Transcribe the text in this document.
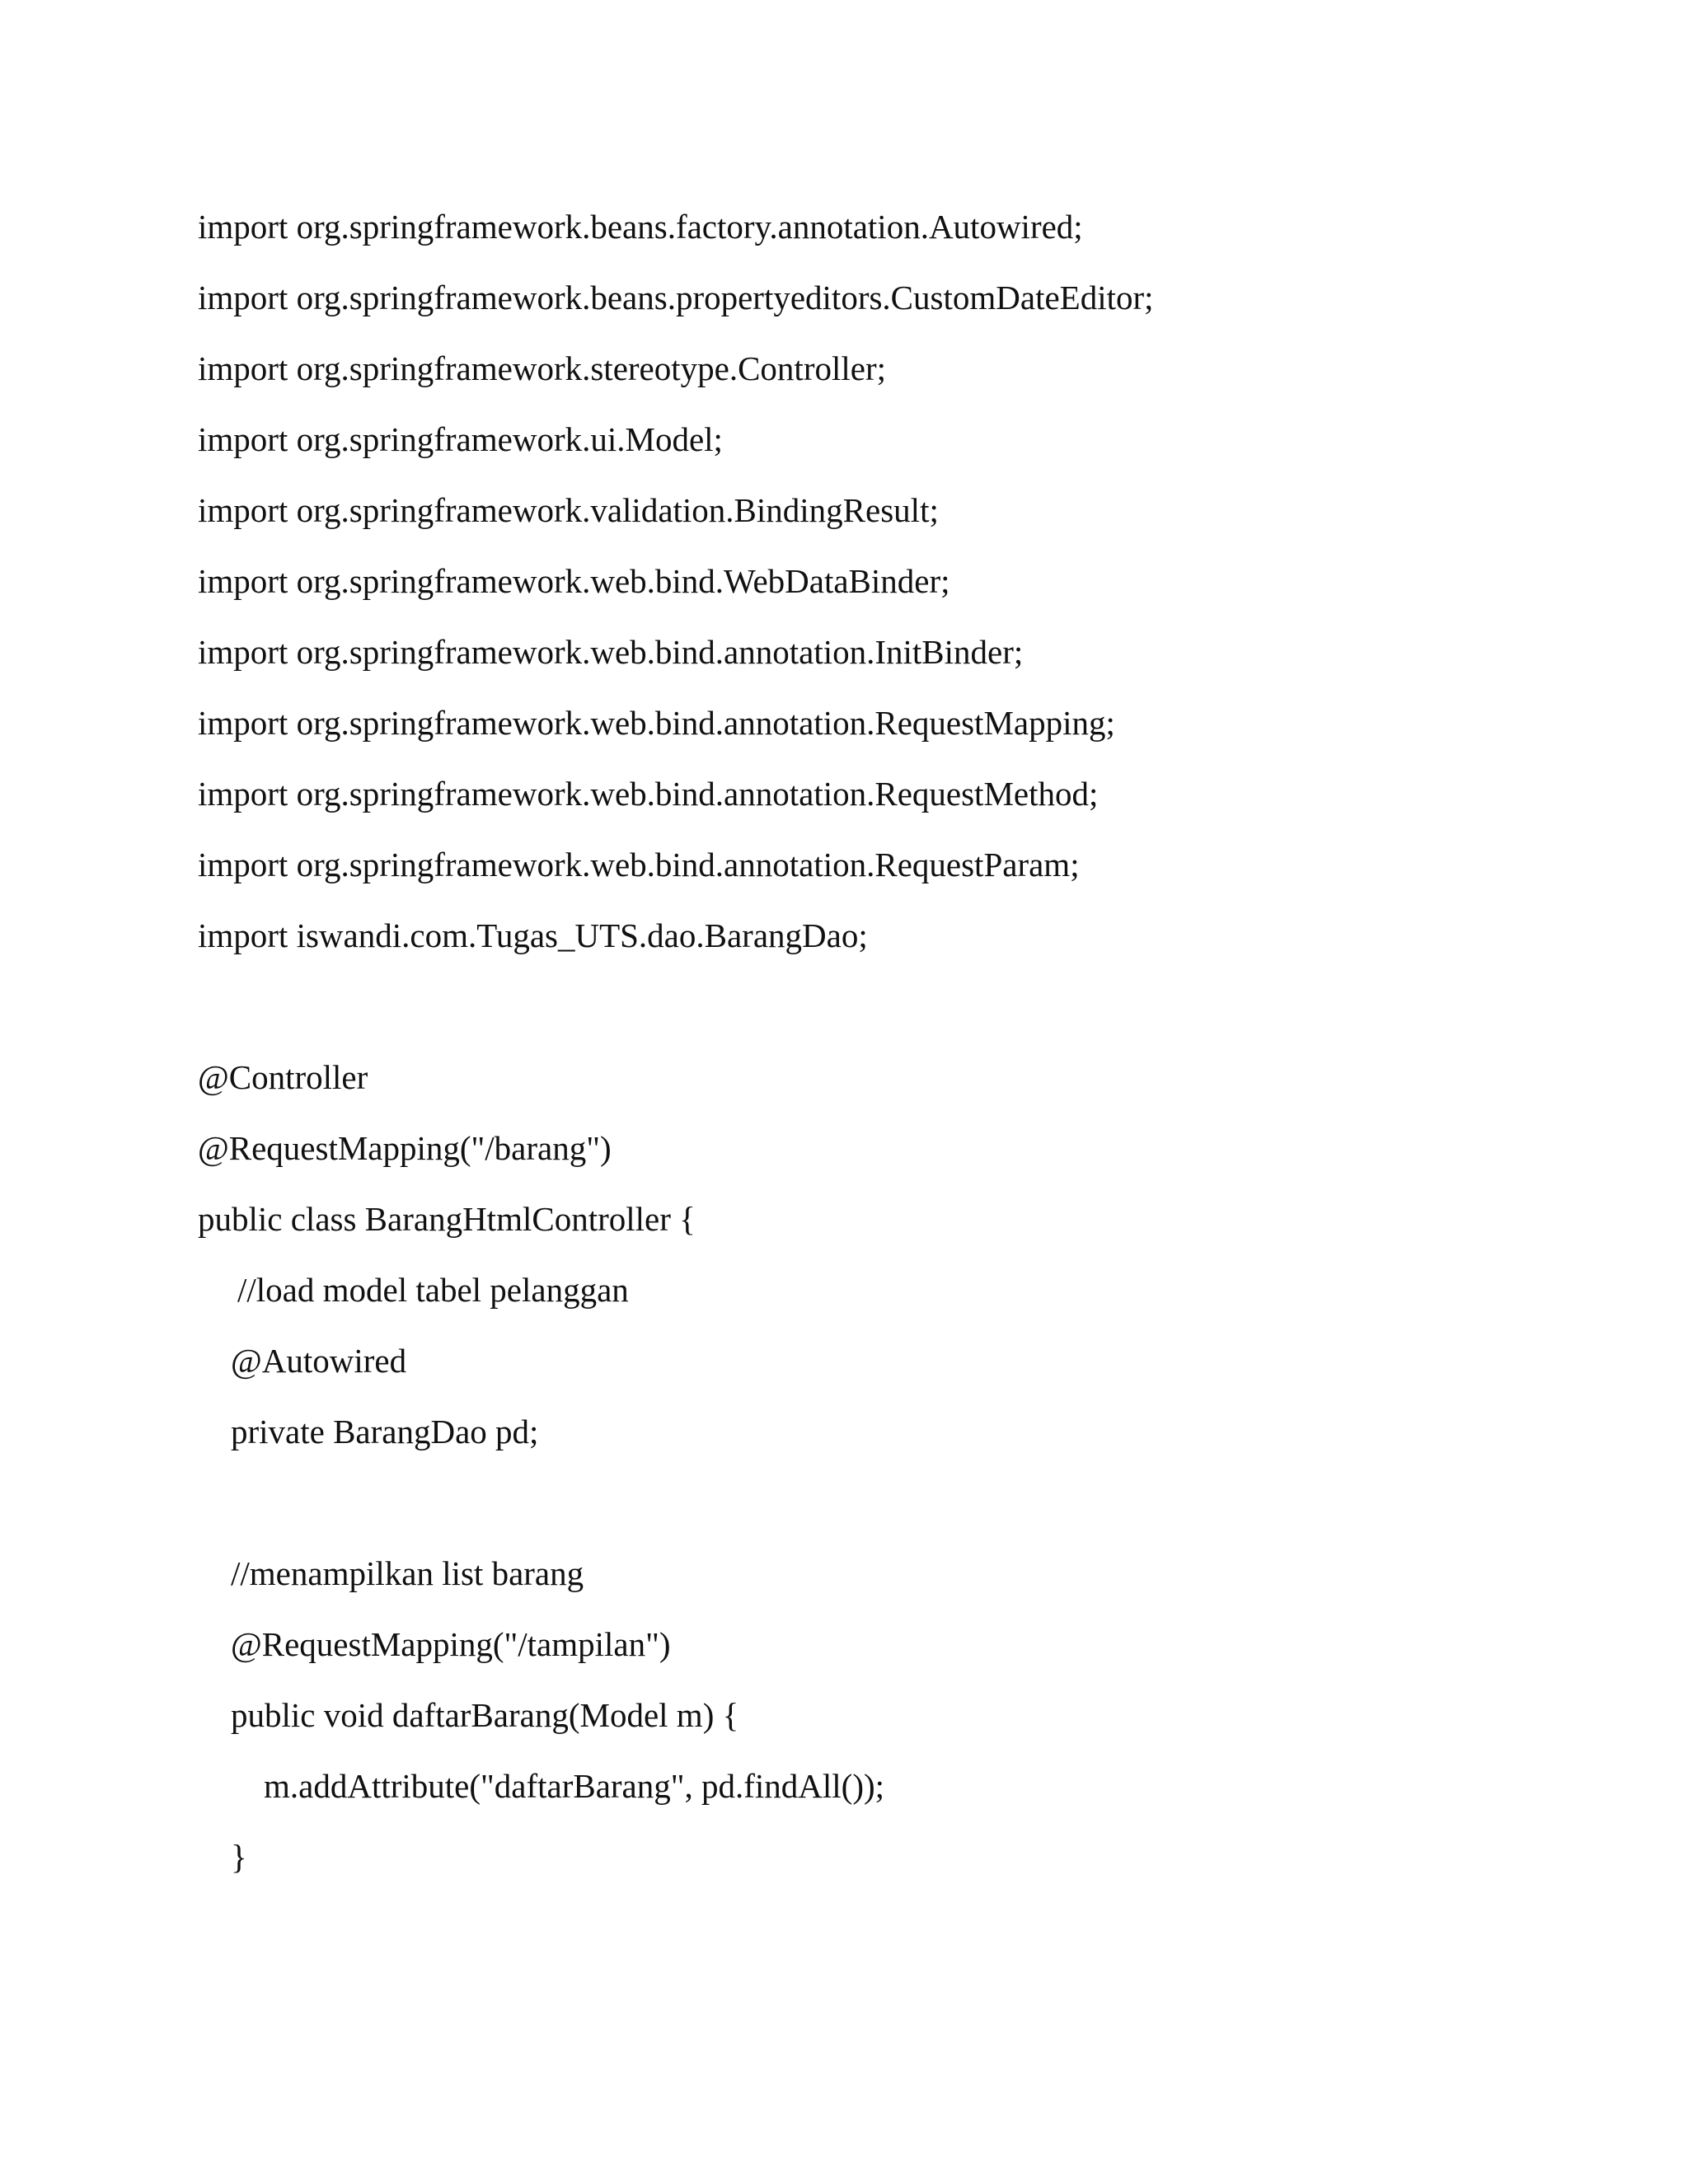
import org.springframework.beans.factory.annotation.Autowired;
import org.springframework.beans.propertyeditors.CustomDateEditor;
import org.springframework.stereotype.Controller;
import org.springframework.ui.Model;
import org.springframework.validation.BindingResult;
import org.springframework.web.bind.WebDataBinder;
import org.springframework.web.bind.annotation.InitBinder;
import org.springframework.web.bind.annotation.RequestMapping;
import org.springframework.web.bind.annotation.RequestMethod;
import org.springframework.web.bind.annotation.RequestParam;
import iswandi.com.Tugas_UTS.dao.BarangDao;
@Controller
@RequestMapping("/barang")
public class BarangHtmlController {
//load model tabel pelanggan
@Autowired
private BarangDao pd;
//menampilkan list barang
@RequestMapping("/tampilan")
public void daftarBarang(Model m) {
m.addAttribute("daftarBarang", pd.findAll());
}
